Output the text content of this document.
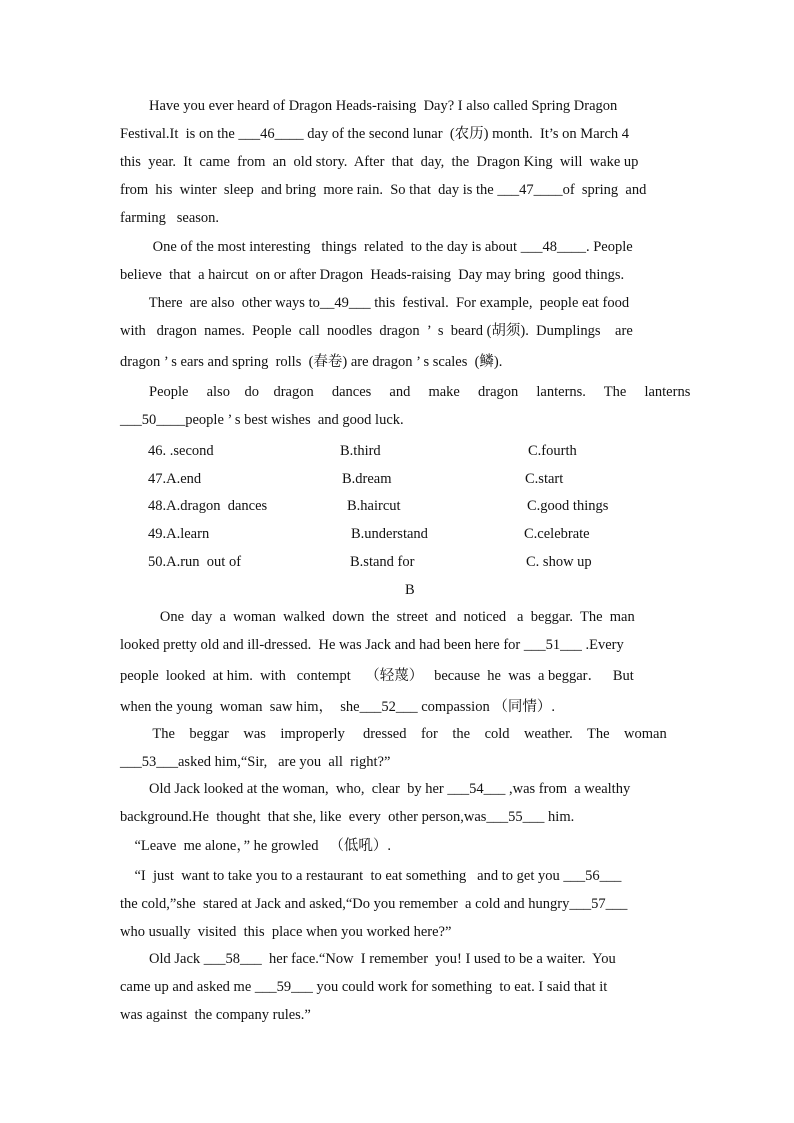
Have you ever heard of Dragon Heads-raising  Day? I also called Spring Dragon
Festival.It  is on the ___46____ day of the second lunar  (农历) month.  It’s on March 4
this  year.  It  came  from  an  old story.  After  that  day,  the  Dragon King  will  wake up
from  his  winter  sleep  and bring  more rain.  So that  day is the ___47____of  spring  and
farming   season.
One of the most interesting   things  related  to the day is about ___48____. People
believe  that  a haircut  on or after Dragon  Heads-raising  Day may bring  good things.
There  are also  other ways to__49___ this  festival.  For example,  people eat food
with   dragon  names.  People  call  noodles  dragon  ’  s  beard (胡须).  Dumplings    are
dragon ’ s ears and spring  rolls  (春卷) are dragon ’ s scales  (鳞).
People     also    do    dragon     dances     and     make     dragon     lanterns.     The     lanterns
___50____people ’ s best wishes  and good luck.
46. .second	B.third	C.fourth
47.A.end	B.dream	C.start
48.A.dragon  dances	B.haircut	C.good things
49.A.learn	B.understand	C.celebrate
50.A.run  out of	B.stand for	C. show up
B
One  day  a  woman  walked  down  the  street  and  noticed   a  beggar.  The  man
looked pretty old and ill-dressed.  He was Jack and had been here for ___51___ .Every
people  looked  at him.  with   contempt    （轻蔑）   because  he  was  a beggar．   But
when the young  woman  saw him，  she___52___ compassion （同情）.
The    beggar    was    improperly     dressed    for    the    cold    weather.    The    woman
___53___asked him,“Sir,   are you  all  right?”
Old Jack looked at the woman,  who,  clear  by her ___54___ ,was from  a wealthy
background.He  thought  that she, like  every  other person,was___55___ him.
“Leave  me alone，” he growled   （低吼）.
“I  just  want to take you to a restaurant  to eat something   and to get you ___56___
the cold,”she  stared at Jack and asked,“Do you remember  a cold and hungry___57___
who usually  visited  this  place when you worked here?”
Old Jack ___58___  her face.“Now  I remember  you! I used to be a waiter.  You
came up and asked me ___59___ you could work for something  to eat. I said that it
was against  the company rules.”
